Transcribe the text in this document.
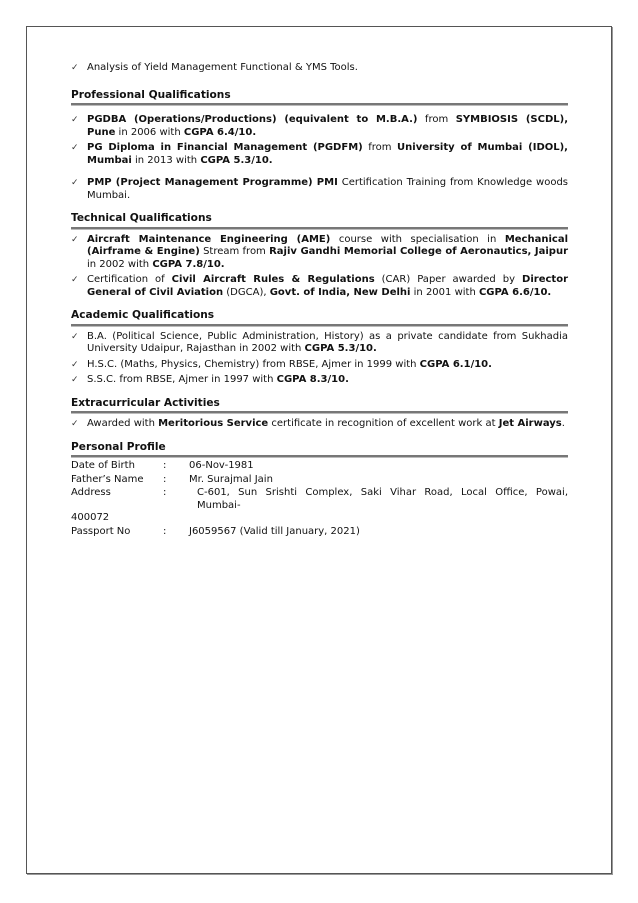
✓ Analysis of Yield Management Functional & YMS Tools.
Professional Qualifications
✓ PGDBA (Operations/Productions) (equivalent to M.B.A.) from SYMBIOSIS (SCDL), Pune in 2006 with CGPA 6.4/10.
✓ PG Diploma in Financial Management (PGDFM) from University of Mumbai (IDOL), Mumbai in 2013 with CGPA 5.3/10.
✓ PMP (Project Management Programme) PMI Certification Training from Knowledge woods Mumbai.
Technical Qualifications
✓ Aircraft Maintenance Engineering (AME) course with specialisation in Mechanical (Airframe & Engine) Stream from Rajiv Gandhi Memorial College of Aeronautics, Jaipur in 2002 with CGPA 7.8/10.
✓ Certification of Civil Aircraft Rules & Regulations (CAR) Paper awarded by Director General of Civil Aviation (DGCA), Govt. of India, New Delhi in 2001 with CGPA 6.6/10.
Academic Qualifications
✓ B.A. (Political Science, Public Administration, History) as a private candidate from Sukhadia University Udaipur, Rajasthan in 2002 with CGPA 5.3/10.
✓ H.S.C. (Maths, Physics, Chemistry) from RBSE, Ajmer in 1999 with CGPA 6.1/10.
✓ S.S.C. from RBSE, Ajmer in 1997 with CGPA 8.3/10.
Extracurricular Activities
✓ Awarded with Meritorious Service certificate in recognition of excellent work at Jet Airways.
Personal Profile
Date of Birth	:	06-Nov-1981
Father’s Name	:	Mr. Surajmal Jain
Address	:	C-601, Sun Srishti Complex, Saki Vihar Road, Local Office, Powai, Mumbai-
400072
Passport No	:	J6059567 (Valid till January, 2021)
